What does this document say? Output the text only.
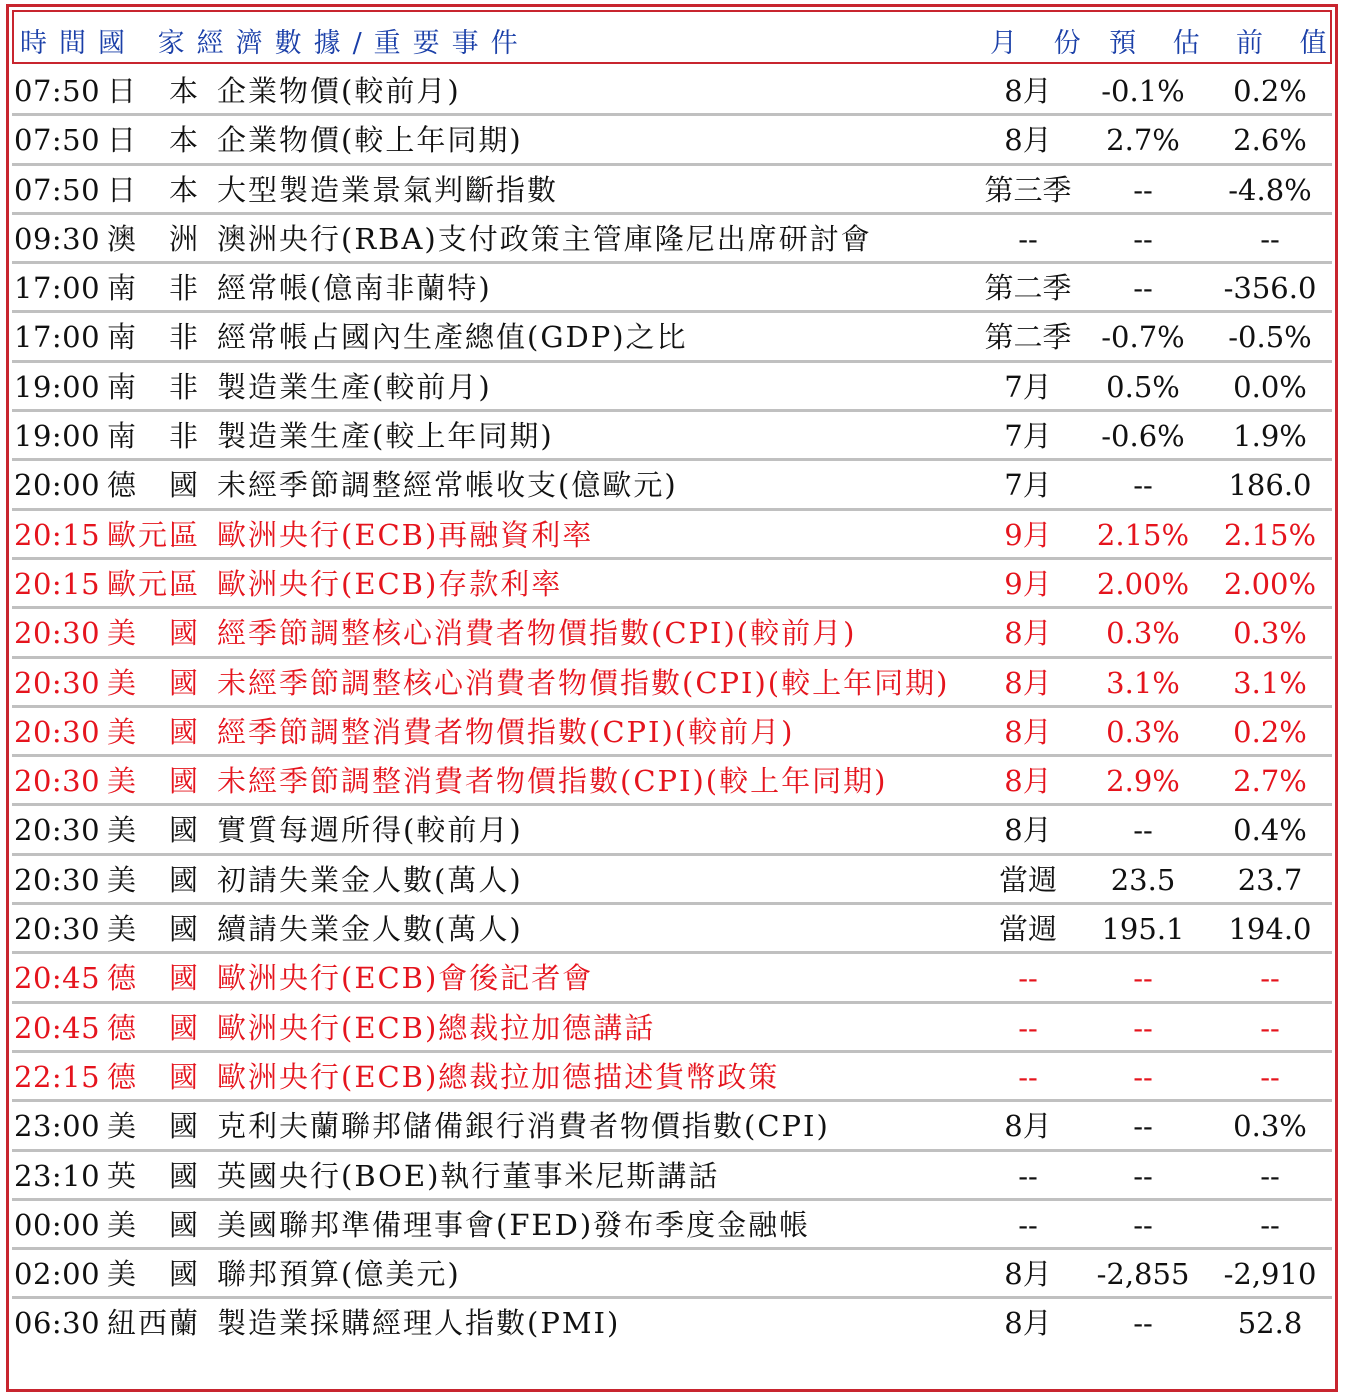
時間國 家經濟數據/重要事件	月 份 預 估 前 值
07:50 日　本 企業物價(較前月)	8月	-0.1%	0.2%
07:50 日　本 企業物價(較上年同期)	8月	2.7%	2.6%
07:50 日　本 大型製造業景氣判斷指數	第三季	--	-4.8%
09:30 澳　洲 澳洲央行(RBA)支付政策主管庫隆尼出席研討會	--	--	--
17:00 南　非 經常帳(億南非蘭特)	第二季	--	-356.0
17:00 南　非 經常帳占國內生產總值(GDP)之比	第二季	-0.7%	-0.5%
19:00 南　非 製造業生產(較前月)	7月	0.5%	0.0%
19:00 南　非 製造業生產(較上年同期)	7月	-0.6%	1.9%
20:00 德　國 未經季節調整經常帳收支(億歐元)	7月	--	186.0
20:15 歐元區 歐洲央行(ECB)再融資利率	9月	2.15%	2.15%
20:15 歐元區 歐洲央行(ECB)存款利率	9月	2.00%	2.00%
20:30 美　國 經季節調整核心消費者物價指數(CPI)(較前月)	8月	0.3%	0.3%
20:30 美　國 未經季節調整核心消費者物價指數(CPI)(較上年同期)	8月	3.1%	3.1%
20:30 美　國 經季節調整消費者物價指數(CPI)(較前月)	8月	0.3%	0.2%
20:30 美　國 未經季節調整消費者物價指數(CPI)(較上年同期)	8月	2.9%	2.7%
20:30 美　國 實質每週所得(較前月)	8月	--	0.4%
20:30 美　國 初請失業金人數(萬人)	當週	23.5	23.7
20:30 美　國 續請失業金人數(萬人)	當週	195.1	194.0
20:45 德　國 歐洲央行(ECB)會後記者會	--	--	--
20:45 德　國 歐洲央行(ECB)總裁拉加德講話	--	--	--
22:15 德　國 歐洲央行(ECB)總裁拉加德描述貨幣政策	--	--	--
23:00 美　國 克利夫蘭聯邦儲備銀行消費者物價指數(CPI)	8月	--	0.3%
23:10 英　國 英國央行(BOE)執行董事米尼斯講話	--	--	--
00:00 美　國 美國聯邦準備理事會(FED)發布季度金融帳	--	--	--
02:00 美　國 聯邦預算(億美元)	8月	-2,855	-2,910
06:30 紐西蘭 製造業採購經理人指數(PMI)	8月	--	52.8
